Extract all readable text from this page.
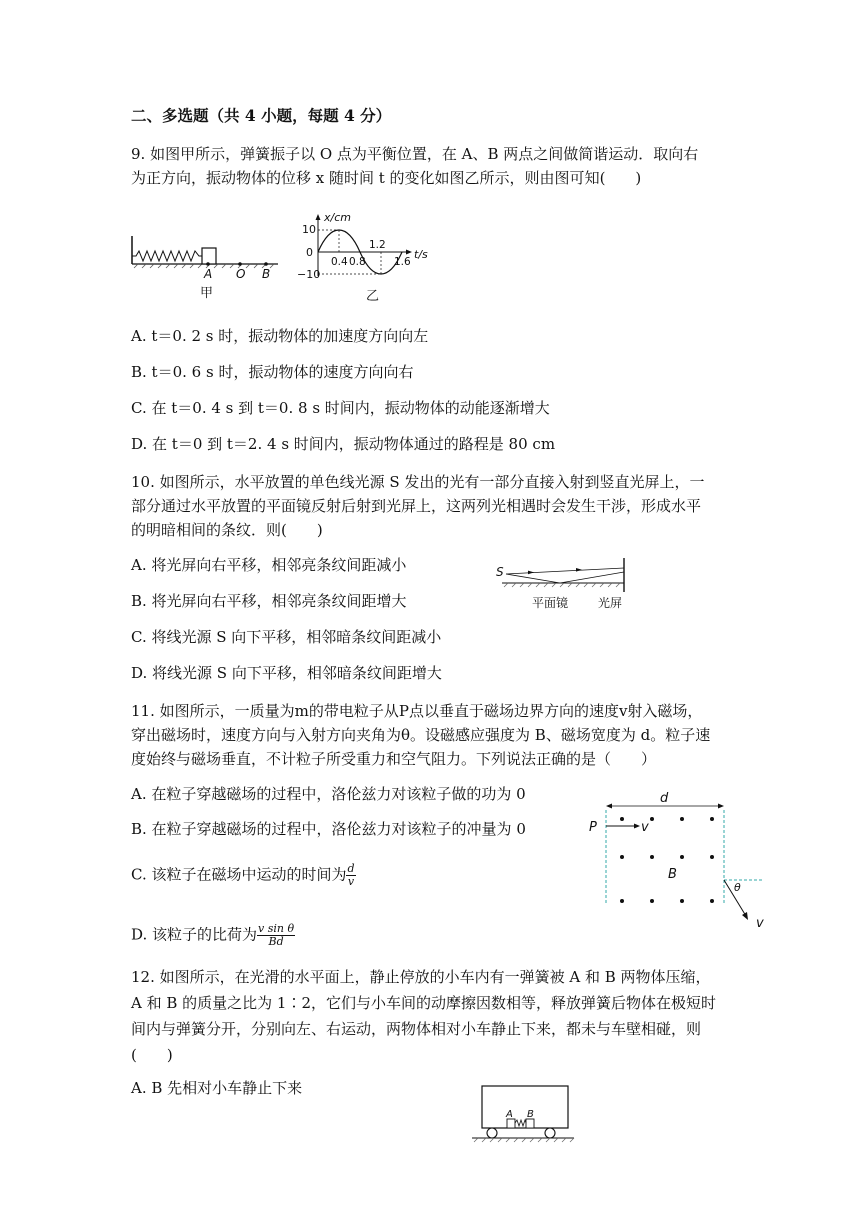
二、多选题（共 4 小题，每题 4 分）
9. 如图甲所示，弹簧振子以 O 点为平衡位置，在 A、B 两点之间做简谐运动．取向右
为正方向，振动物体的位移 x 随时间 t 的变化如图乙所示，则由图可知(　　)
A O B
甲
x/cm
t/s
10
0
−10
0.4 0.8
1.2
1.6
乙
A. t＝0. 2 s 时，振动物体的加速度方向向左
B. t＝0. 6 s 时，振动物体的速度方向向右
C. 在 t＝0. 4 s 到 t＝0. 8 s 时间内，振动物体的动能逐渐增大
D. 在 t＝0 到 t＝2. 4 s 时间内，振动物体通过的路程是 80 cm
10. 如图所示，水平放置的单色线光源 S 发出的光有一部分直接入射到竖直光屏上，一
部分通过水平放置的平面镜反射后射到光屏上，这两列光相遇时会发生干涉，形成水平
的明暗相间的条纹．则(　　)
S
平面镜 光屏
A. 将光屏向右平移，相邻亮条纹间距减小
B. 将光屏向右平移，相邻亮条纹间距增大
C. 将线光源 S 向下平移，相邻暗条纹间距减小
D. 将线光源 S 向下平移，相邻暗条纹间距增大
11. 如图所示，一质量为m的带电粒子从P点以垂直于磁场边界方向的速度v射入磁场，
穿出磁场时，速度方向与入射方向夹角为θ。设磁感应强度为 B、磁场宽度为 d。粒子速
度始终与磁场垂直，不计粒子所受重力和空气阻力。下列说法正确的是（　　）
d
P	v
B
θ
v
A. 在粒子穿越磁场的过程中，洛伦兹力对该粒子做的功为 0
B. 在粒子穿越磁场的过程中，洛伦兹力对该粒子的冲量为 0
C. 该粒子在磁场中运动的时间为 $\frac{d}{v}$
D. 该粒子的比荷为 $\frac{\text{v sin θ}}{Bd}$
12. 如图所示，在光滑的水平面上，静止停放的小车内有一弹簧被 A 和 B 两物体压缩，
A 和 B 的质量之比为 1∶2，它们与小车间的动摩擦因数相等，释放弹簧后物体在极短时
间内与弹簧分开，分别向左、右运动，两物体相对小车静止下来，都未与车壁相碰，则
(　　)
A. B 先相对小车静止下来
A B
